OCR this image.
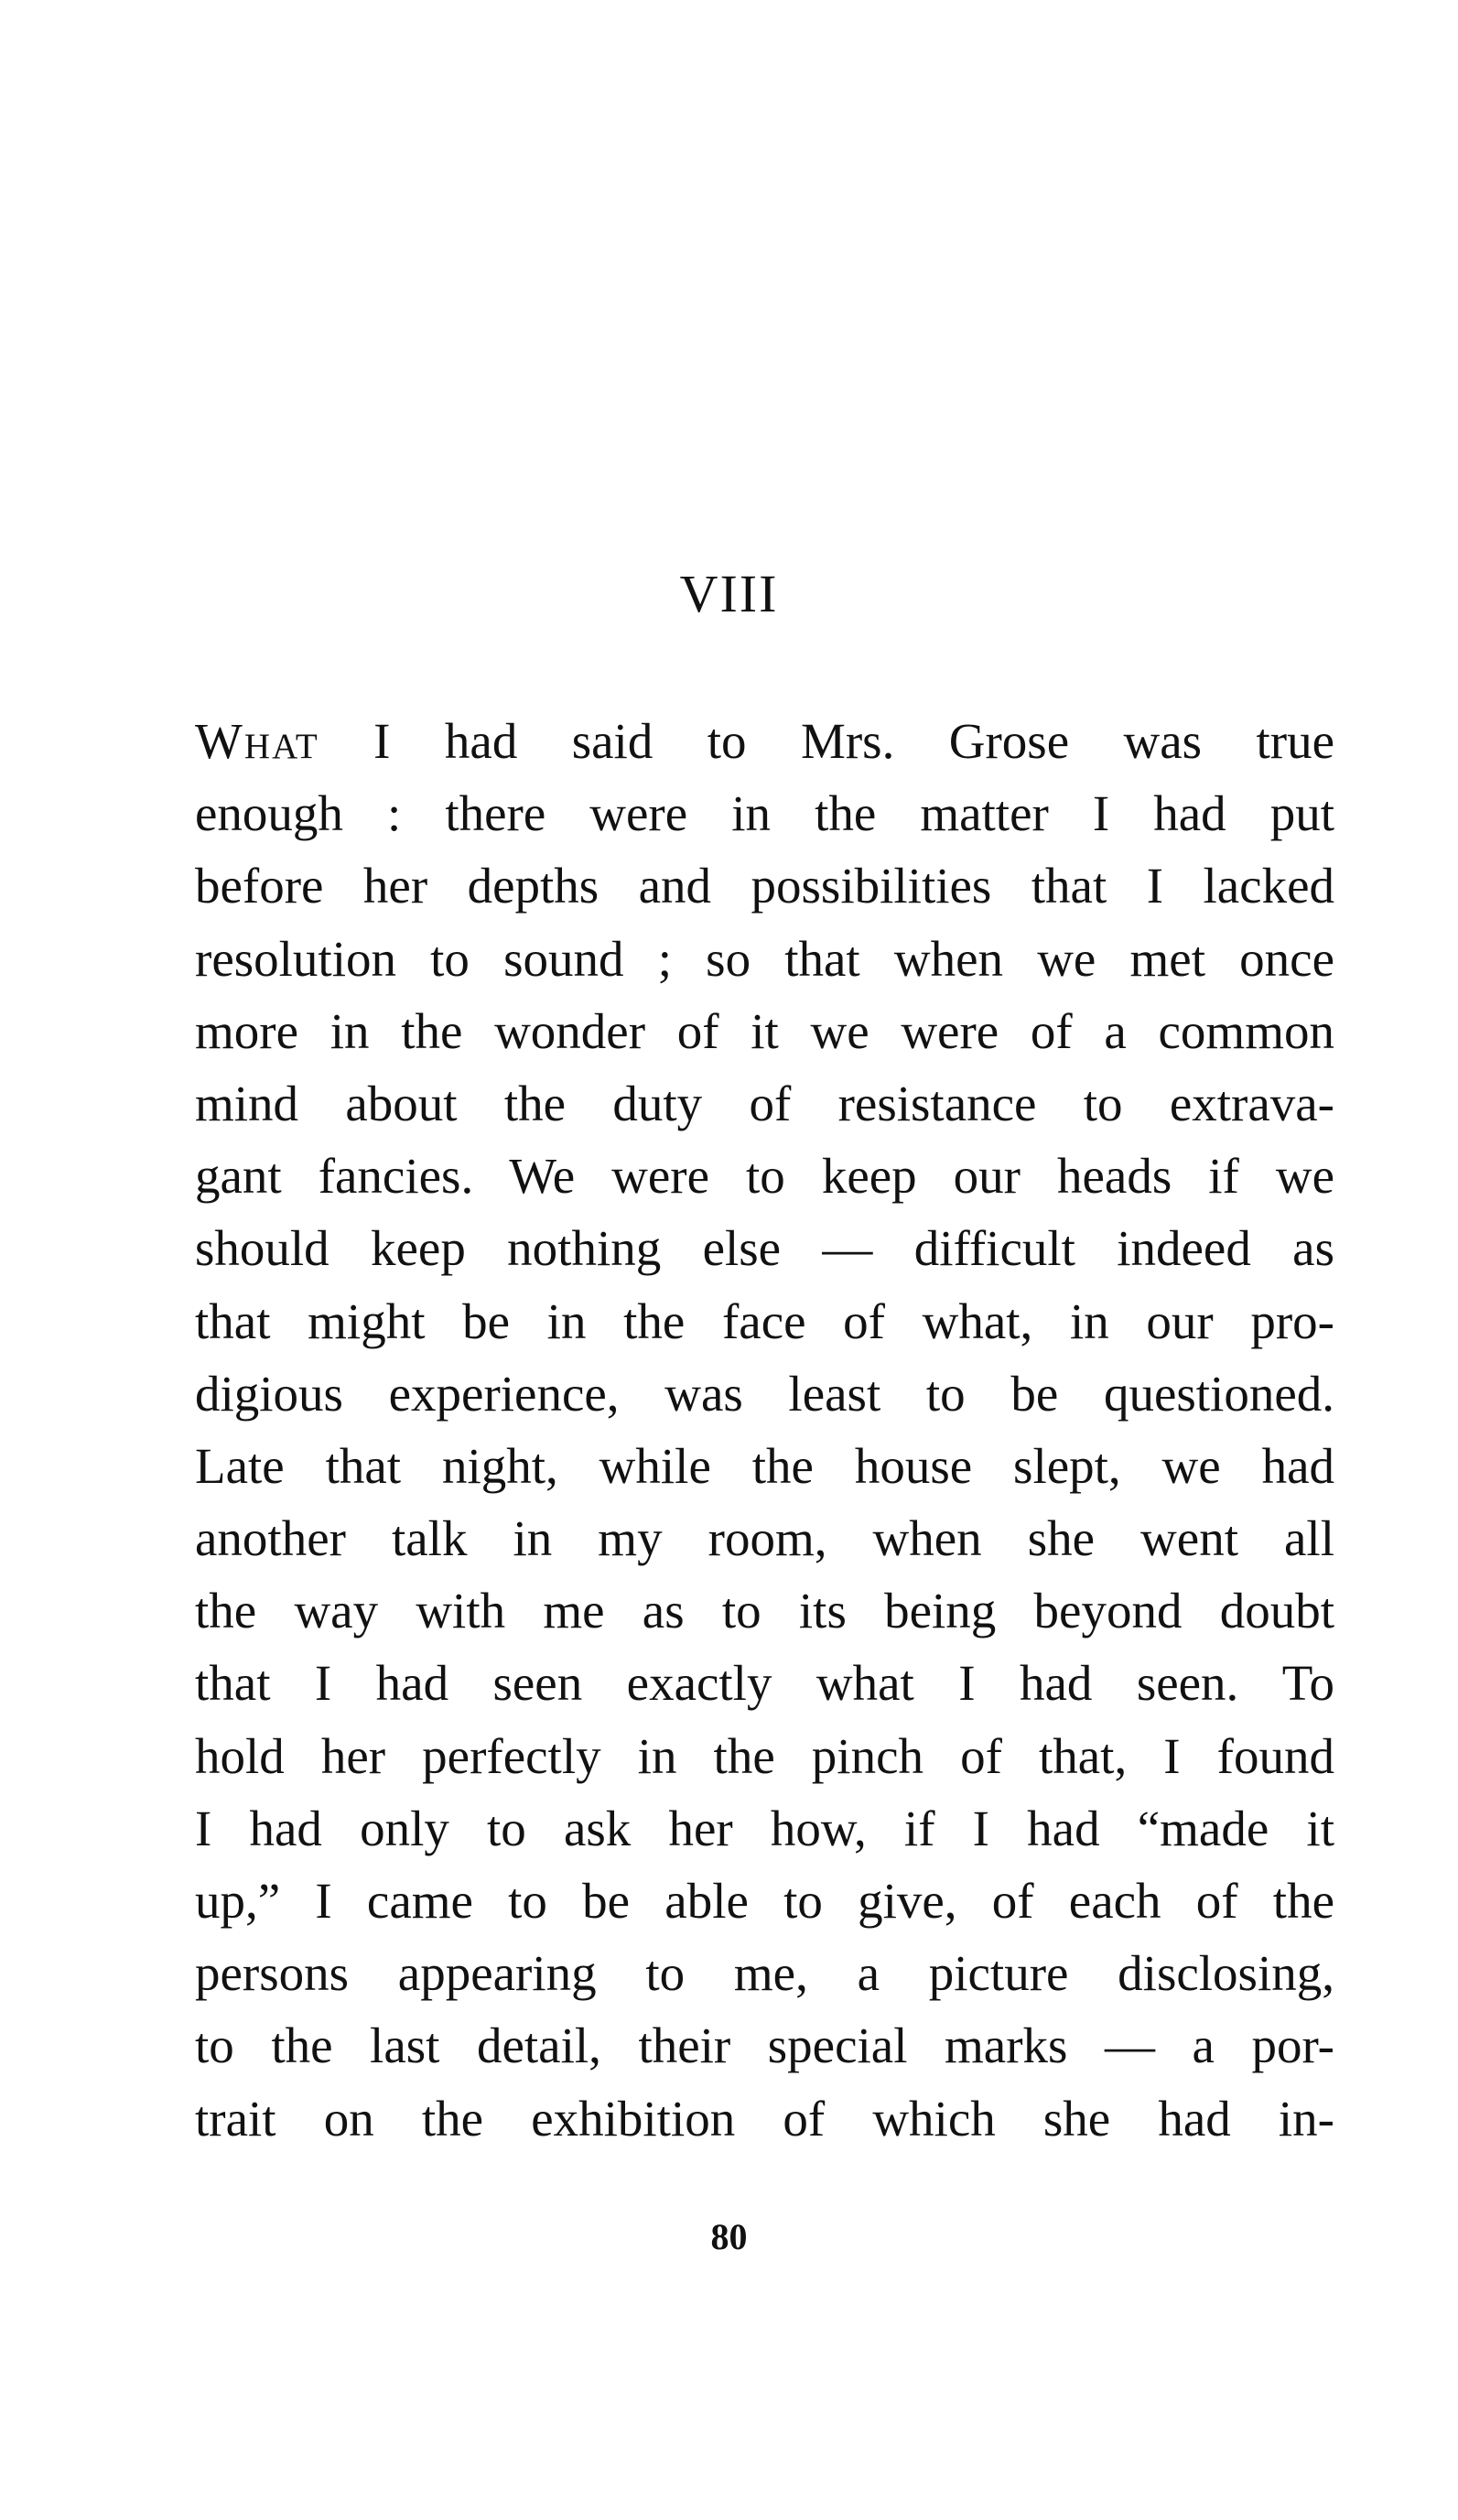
VIII
What I had said to Mrs. Grose was true
enough : there were in the matter I had put
before her depths and possibilities that I lacked
resolution to sound ; so that when we met once
more in the wonder of it we were of a common
mind about the duty of resistance to extrava-
gant fancies. We were to keep our heads if we
should keep nothing else — difficult indeed as
that might be in the face of what, in our pro-
digious experience, was least to be questioned.
Late that night, while the house slept, we had
another talk in my room, when she went all
the way with me as to its being beyond doubt
that I had seen exactly what I had seen. To
hold her perfectly in the pinch of that, I found
I had only to ask her how, if I had “made it
up,” I came to be able to give, of each of the
persons appearing to me, a picture disclosing,
to the last detail, their special marks — a por-
trait on the exhibition of which she had in-
80
